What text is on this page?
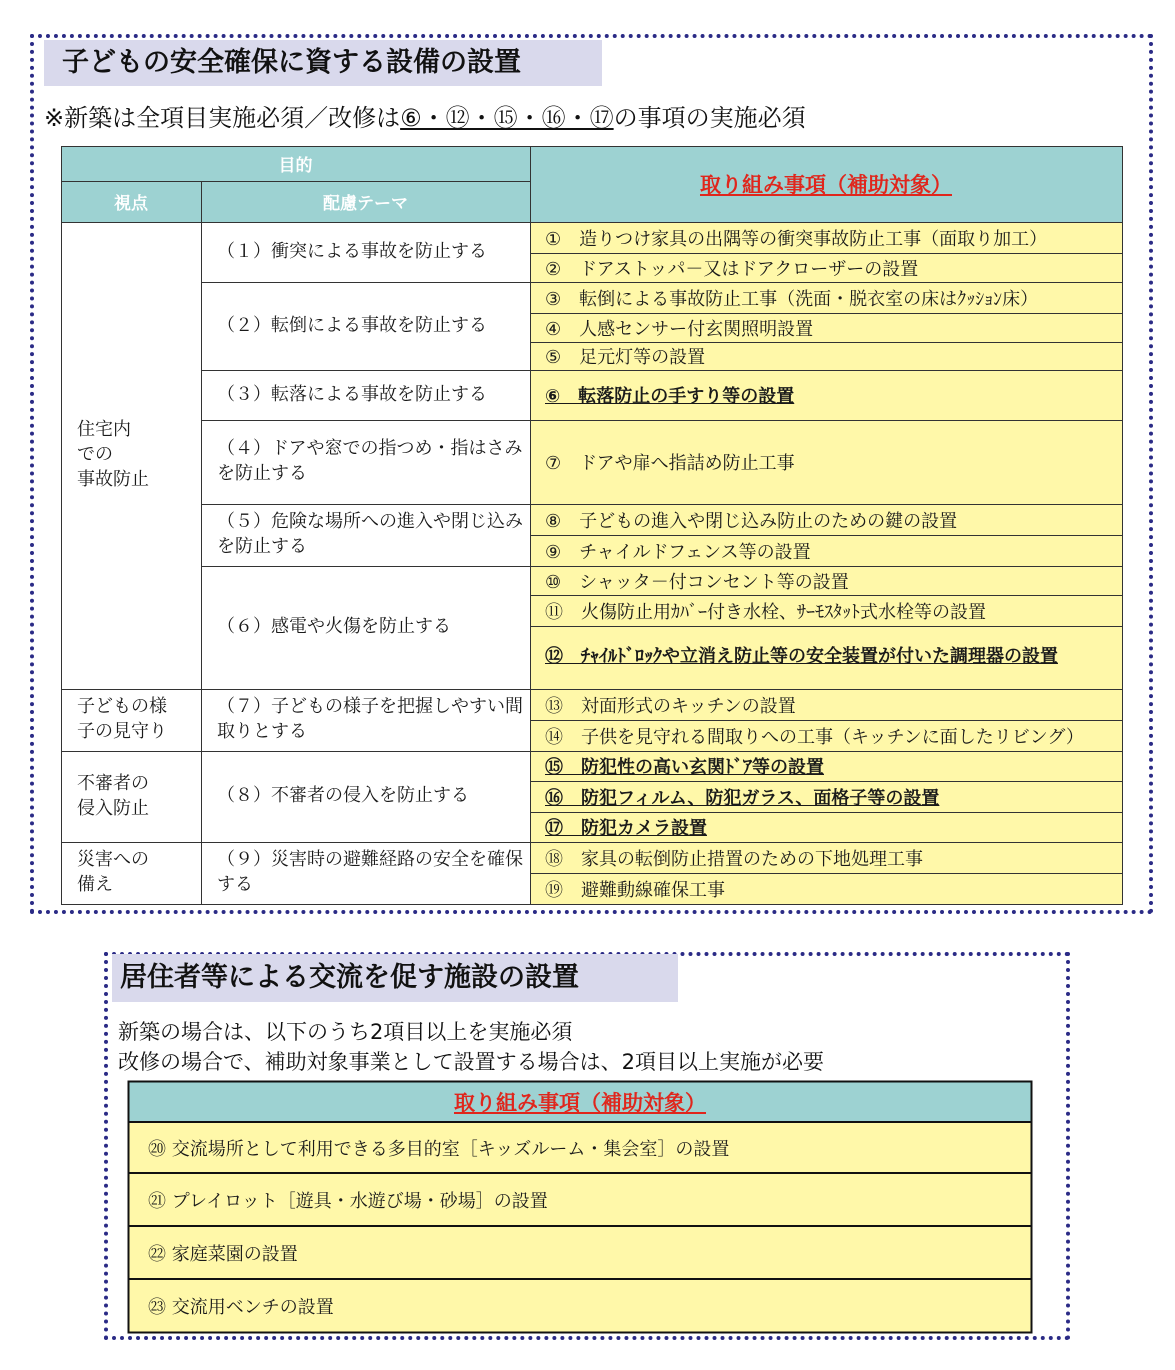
子どもの安全確保に資する設備の設置
※新築は全項目実施必須／改修は⑥・⑫・⑮・⑯・⑰の事項の実施必須
目的
視点	配慮テーマ
取り組み事項（補助対象）
住宅内
での
事故防止
子どもの様
子の見守り
不審者の
侵入防止
災害への
備え
（１）衝突による事故を防止する
（２）転倒による事故を防止する
（３）転落による事故を防止する
（４）ドアや窓での指つめ・指はさみを防止する
（５）危険な場所への進入や閉じ込みを防止する
（６）感電や火傷を防止する
（７）子どもの様子を把握しやすい間取りとする
（８）不審者の侵入を防止する
（９）災害時の避難経路の安全を確保する
①　造りつけ家具の出隅等の衝突事故防止工事（面取り加工）
②　ドアストッパ－又はドアクローザーの設置
③　転倒による事故防止工事（洗面・脱衣室の床はｸｯｼｮﾝ床）
④　人感センサー付玄関照明設置
⑤　足元灯等の設置
⑥　転落防止の手すり等の設置
⑦　ドアや扉へ指詰め防止工事
⑧　子どもの進入や閉じ込み防止のための鍵の設置
⑨　チャイルドフェンス等の設置
⑩　シャッタ－付コンセント等の設置
⑪　火傷防止用ｶﾊﾞｰ付き水栓、ｻｰﾓｽﾀｯﾄ式水栓等の設置
⑫　ﾁｬｲﾙﾄﾞﾛｯｸや立消え防止等の安全装置が付いた調理器の設置
⑬　対面形式のキッチンの設置
⑭　子供を見守れる間取りへの工事（キッチンに面したリビング）
⑮　防犯性の高い玄関ﾄﾞｱ等の設置
⑯　防犯フィルム、防犯ガラス、面格子等の設置
⑰　防犯カメラ設置
⑱　家具の転倒防止措置のための下地処理工事
⑲　避難動線確保工事
居住者等による交流を促す施設の設置
新築の場合は、以下のうち2項目以上を実施必須
改修の場合で、補助対象事業として設置する場合は、2項目以上実施が必要
取り組み事項（補助対象）
⑳ 交流場所として利用できる多目的室［キッズルーム・集会室］の設置
㉑ プレイロット［遊具・水遊び場・砂場］の設置
㉒ 家庭菜園の設置
㉓ 交流用ベンチの設置
